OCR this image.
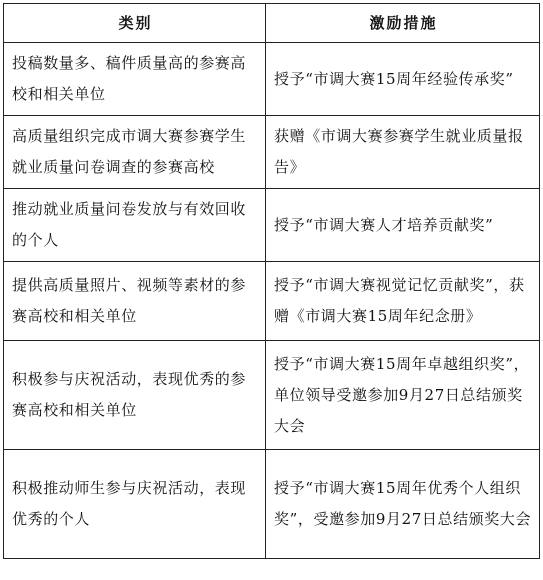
类别	激励措施
投稿数量多、稿件质量高的参赛高校和相关单位	授予“市调大赛15周年经验传承奖”
高质量组织完成市调大赛参赛学生就业质量问卷调查的参赛高校	获赠《市调大赛参赛学生就业质量报告》
推动就业质量问卷发放与有效回收的个人	授予“市调大赛人才培养贡献奖”
提供高质量照片、视频等素材的参赛高校和相关单位	授予“市调大赛视觉记忆贡献奖”，获赠《市调大赛15周年纪念册》
积极参与庆祝活动，表现优秀的参赛高校和相关单位	授予“市调大赛15周年卓越组织奖”，单位领导受邀参加9月27日总结颁奖大会
积极推动师生参与庆祝活动，表现优秀的个人	授予“市调大赛15周年优秀个人组织奖”，受邀参加9月27日总结颁奖大会
